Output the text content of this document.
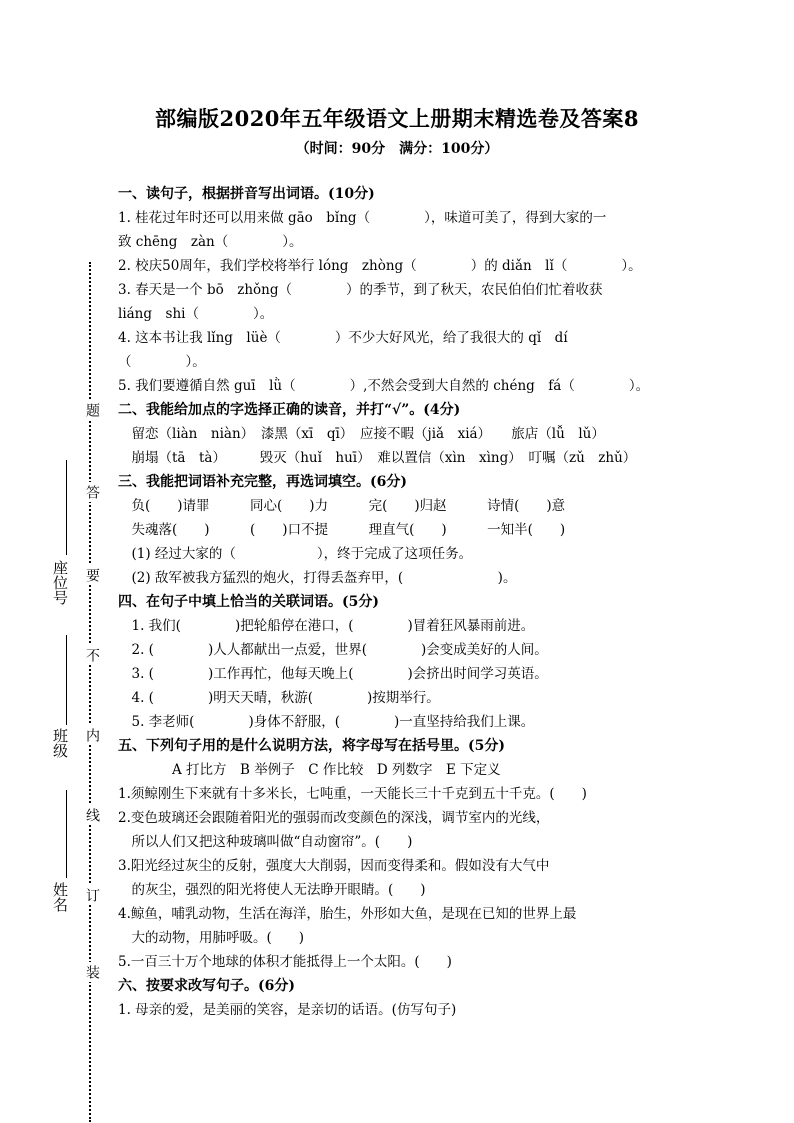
部编版2020年五年级语文上册期末精选卷及答案8
（时间：90分　满分：100分）
题
答
要
不
内
线
订
装
座位号
班级
姓名
一、读句子，根据拼音写出词语。(10分)
1. 桂花过年时还可以用来做 gāo　bǐng（　　　　），味道可美了，得到大家的一
致 chēng　zàn（　　　　）。
2. 校庆50周年，我们学校将举行 lóng　zhòng（　　　　）的 diǎn　lǐ（　　　　）。
3. 春天是一个 bō　zhǒng（　　　　）的季节，到了秋天，农民伯伯们忙着收获
liáng　shi（　　　　）。
4. 这本书让我 lǐng　lüè（　　　　）不少大好风光，给了我很大的 qǐ　dí
（　　　　）。
5. 我们要遵循自然 guī　lǜ（　　　　）,不然会受到大自然的 chéng　fá（　　　　）。
二、我能给加点的字选择正确的读音，并打“√”。(4分)
　留恋（liàn　niàn）　漆黑（xī　qī）　应接不暇（jiǎ　xiá）　　旅店（lǚ　lǔ）
　崩塌（tā　tà）　　　毁灭（huǐ　huī）　难以置信（xìn　xìng）　叮嘱（zǔ　zhǔ）
三、我能把词语补充完整，再选词填空。(6分)
　负(　　)请罪　　　同心(　　)力　　　完(　　)归赵　　　诗情(　　)意
　失魂落(　　)　　　(　　)口不提　　　理直气(　　)　　　一知半(　　)
　(1) 经过大家的（　　　　　　），终于完成了这项任务。
　(2) 敌军被我方猛烈的炮火，打得丢盔弃甲，(　　　　　　　)。
四、在句子中填上恰当的关联词语。(5分)
　1. 我们(　　　　)把轮船停在港口，(　　　　)冒着狂风暴雨前进。
　2. (　　　　)人人都献出一点爱，世界(　　　　)会变成美好的人间。
　3. (　　　　)工作再忙，他每天晚上(　　　　)会挤出时间学习英语。
　4. (　　　　)明天天晴，秋游(　　　　)按期举行。
　5. 李老师(　　　　)身体不舒服，(　　　　)一直坚持给我们上课。
五、下列句子用的是什么说明方法，将字母写在括号里。(5分)
　　　　A 打比方　B 举例子　C 作比较　D 列数字　E 下定义
1.须鲸刚生下来就有十多米长，七吨重，一天能长三十千克到五十千克。(　　)
2.变色玻璃还会跟随着阳光的强弱而改变颜色的深浅，调节室内的光线，
　所以人们又把这种玻璃叫做“自动窗帘”。(　　)
3.阳光经过灰尘的反射，强度大大削弱，因而变得柔和。假如没有大气中
　的灰尘，强烈的阳光将使人无法睁开眼睛。(　　)
4.鲸鱼，哺乳动物，生活在海洋，胎生，外形如大鱼，是现在已知的世界上最
　大的动物，用肺呼吸。(　　)
5.一百三十万个地球的体积才能抵得上一个太阳。(　　)
六、按要求改写句子。(6分)
1. 母亲的爱，是美丽的笑容，是亲切的话语。(仿写句子)
